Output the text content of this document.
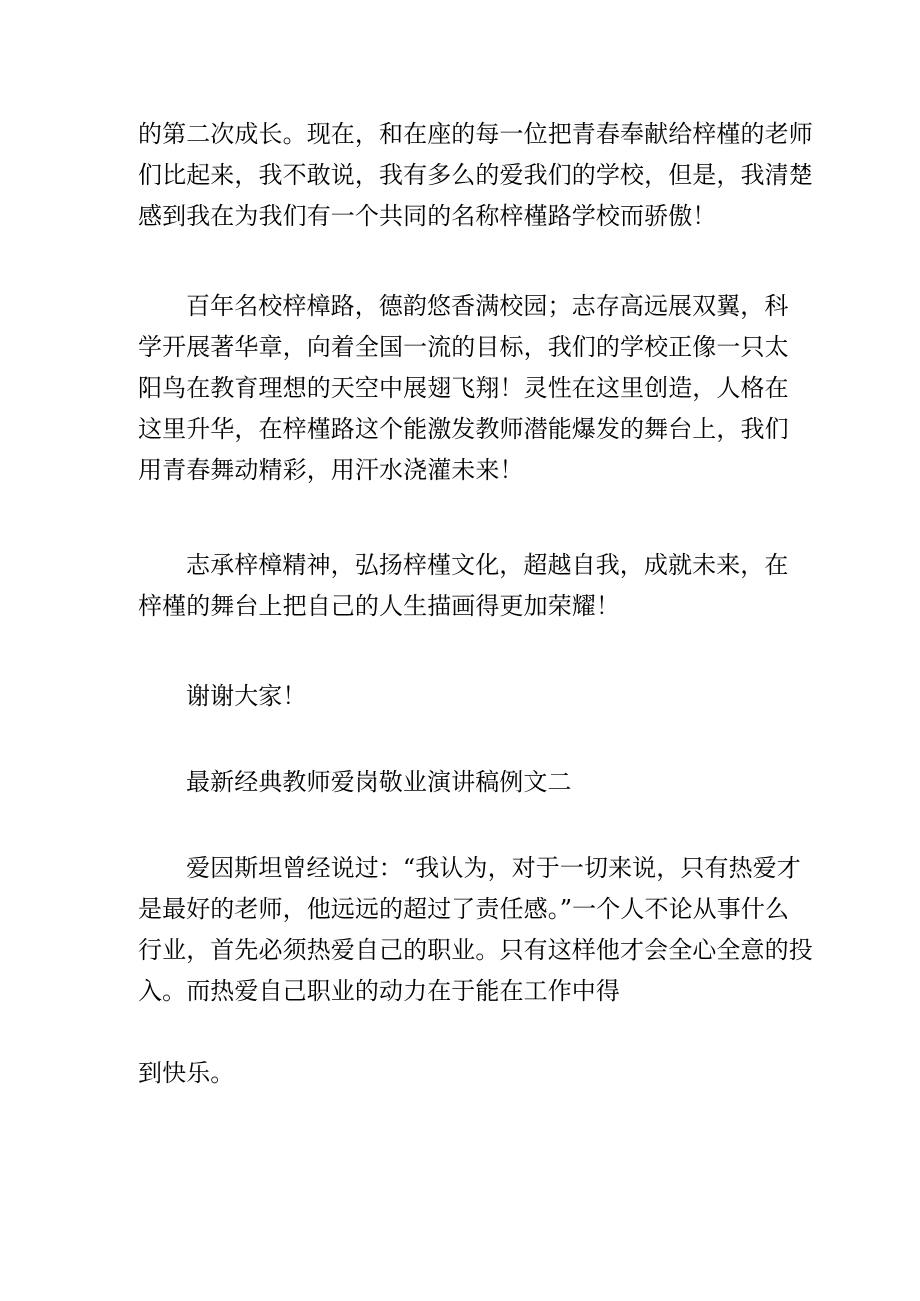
的第二次成长。现在，和在座的每一位把青春奉献给梓槿的老师
们比起来，我不敢说，我有多么的爱我们的学校，但是，我清楚
感到我在为我们有一个共同的名称梓槿路学校而骄傲！

百年名校梓樟路，德韵悠香满校园；志存高远展双翼，科
学开展著华章，向着全国一流的目标，我们的学校正像一只太
阳鸟在教育理想的天空中展翅飞翔！灵性在这里创造，人格在
这里升华，在梓槿路这个能激发教师潜能爆发的舞台上，我们
用青春舞动精彩，用汗水浇灌未来！

志承梓樟精神，弘扬梓槿文化，超越自我，成就未来，在
梓槿的舞台上把自己的人生描画得更加荣耀！

谢谢大家！

最新经典教师爱岗敬业演讲稿例文二

爱因斯坦曾经说过：“我认为，对于一切来说，只有热爱才
是最好的老师，他远远的超过了责任感。”一个人不论从事什么
行业，首先必须热爱自己的职业。只有这样他才会全心全意的投
入。而热爱自己职业的动力在于能在工作中得

到快乐。
